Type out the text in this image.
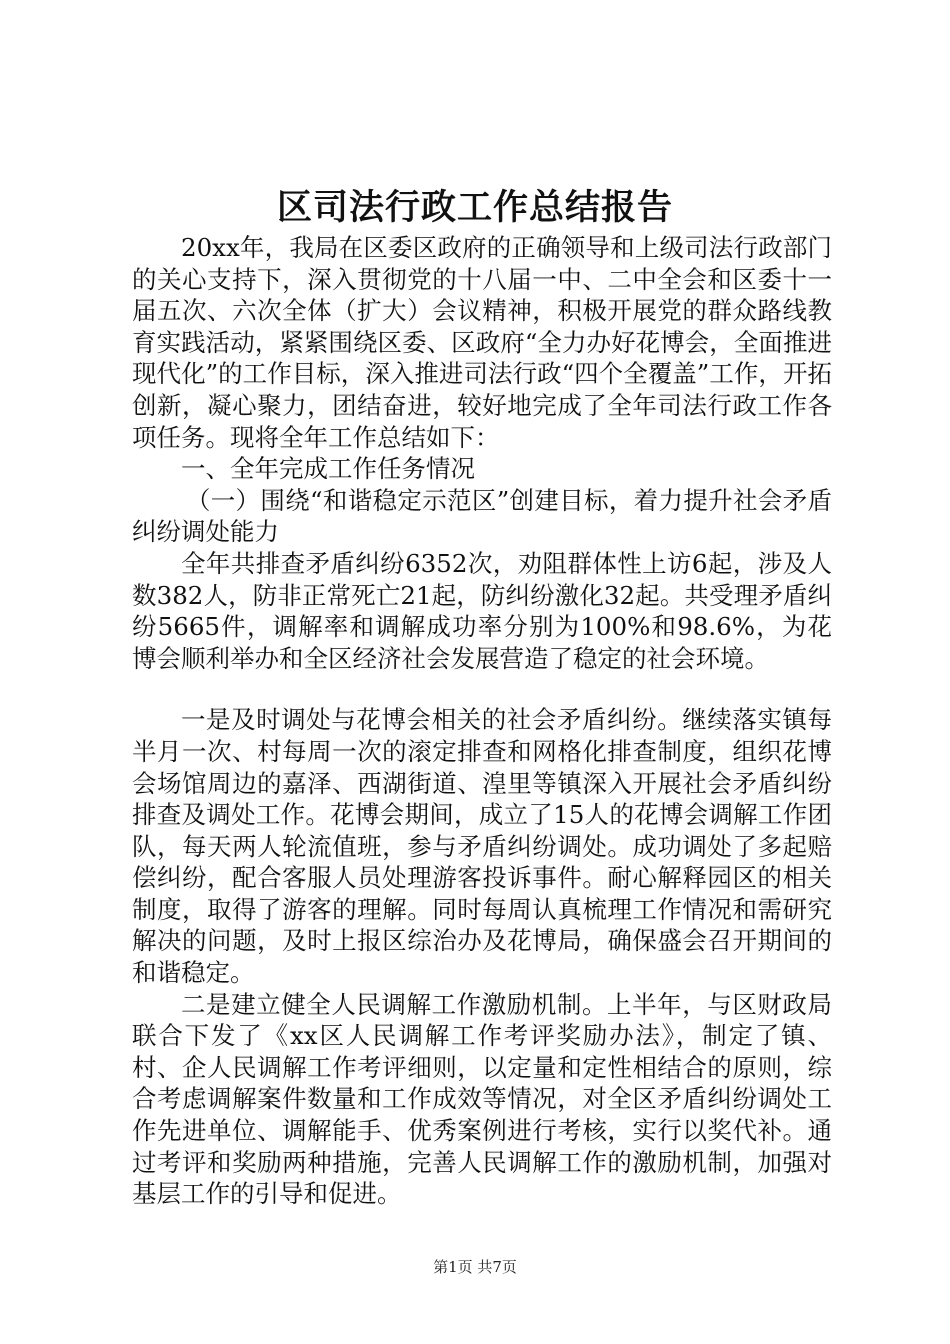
区司法行政工作总结报告

20xx年，我局在区委区政府的正确领导和上级司法行政部门的关心支持下，深入贯彻党的十八届一中、二中全会和区委十一届五次、六次全体（扩大）会议精神，积极开展党的群众路线教育实践活动，紧紧围绕区委、区政府“全力办好花博会，全面推进现代化”的工作目标，深入推进司法行政“四个全覆盖”工作，开拓创新，凝心聚力，团结奋进，较好地完成了全年司法行政工作各项任务。现将全年工作总结如下：

一、全年完成工作任务情况

（一）围绕“和谐稳定示范区”创建目标，着力提升社会矛盾纠纷调处能力

全年共排查矛盾纠纷6352次，劝阻群体性上访6起，涉及人数382人，防非正常死亡21起，防纠纷激化32起。共受理矛盾纠纷5665件，调解率和调解成功率分别为100%和98.6%，为花博会顺利举办和全区经济社会发展营造了稳定的社会环境。

一是及时调处与花博会相关的社会矛盾纠纷。继续落实镇每半月一次、村每周一次的滚定排查和网格化排查制度，组织花博会场馆周边的嘉泽、西湖街道、湟里等镇深入开展社会矛盾纠纷排查及调处工作。花博会期间，成立了15人的花博会调解工作团队，每天两人轮流值班，参与矛盾纠纷调处。成功调处了多起赔偿纠纷，配合客服人员处理游客投诉事件。耐心解释园区的相关制度，取得了游客的理解。同时每周认真梳理工作情况和需研究解决的问题，及时上报区综治办及花博局，确保盛会召开期间的和谐稳定。

二是建立健全人民调解工作激励机制。上半年，与区财政局联合下发了《xx区人民调解工作考评奖励办法》，制定了镇、村、企人民调解工作考评细则，以定量和定性相结合的原则，综合考虑调解案件数量和工作成效等情况，对全区矛盾纠纷调处工作先进单位、调解能手、优秀案例进行考核，实行以奖代补。通过考评和奖励两种措施，完善人民调解工作的激励机制，加强对基层工作的引导和促进。

第1页 共7页
